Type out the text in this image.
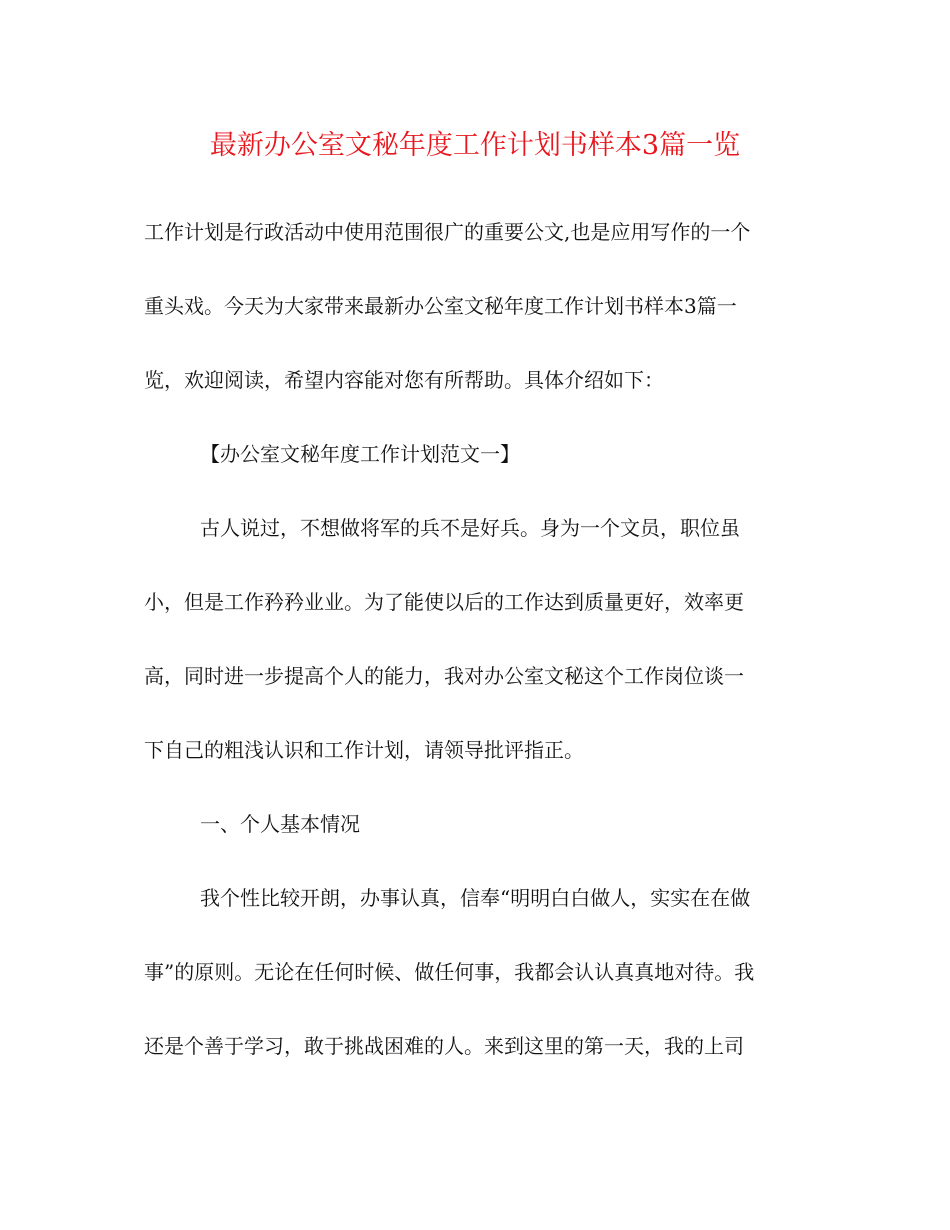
最新办公室文秘年度工作计划书样本3篇一览

工作计划是行政活动中使用范围很广的重要公文,也是应用写作的一个

重头戏。今天为大家带来最新办公室文秘年度工作计划书样本3篇一

览，欢迎阅读，希望内容能对您有所帮助。具体介绍如下：

【办公室文秘年度工作计划范文一】

古人说过，不想做将军的兵不是好兵。身为一个文员，职位虽

小，但是工作矜矜业业。为了能使以后的工作达到质量更好，效率更

高，同时进一步提高个人的能力，我对办公室文秘这个工作岗位谈一

下自己的粗浅认识和工作计划，请领导批评指正。

一、个人基本情况

我个性比较开朗，办事认真，信奉“明明白白做人，实实在在做

事”的原则。无论在任何时候、做任何事，我都会认认真真地对待。我

还是个善于学习，敢于挑战困难的人。来到这里的第一天，我的上司
